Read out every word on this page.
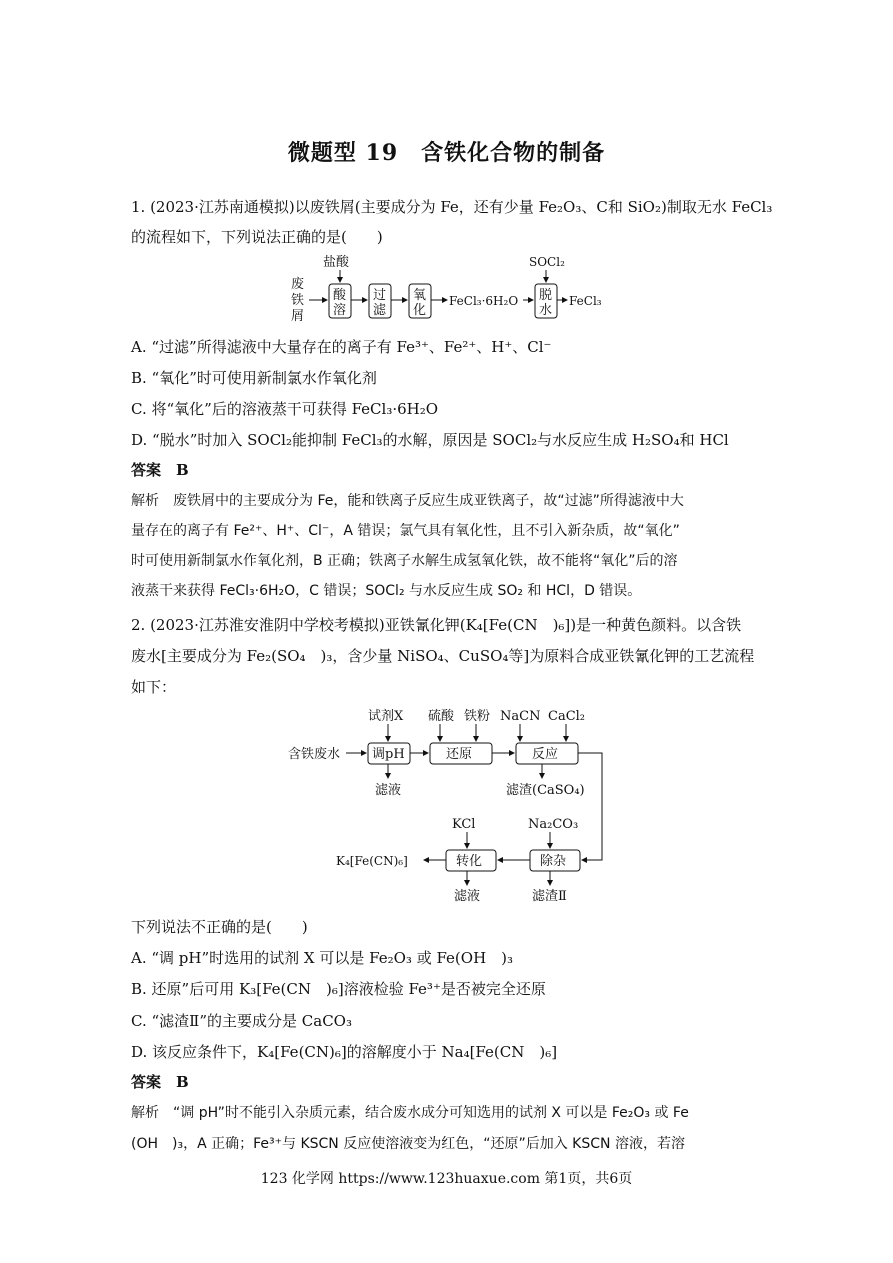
微题型 19　含铁化合物的制备
1. (2023·江苏南通模拟)以废铁屑(主要成分为 Fe，还有少量 Fe₂O₃、C和 SiO₂)制取无水 FeCl₃
的流程如下，下列说法正确的是(　　)
废
铁
屑
盐酸
酸
溶
过
滤
氧
化
FeCl₃·6H₂O
SOCl₂
脱
水
FeCl₃
A. “过滤”所得滤液中大量存在的离子有 Fe³⁺、Fe²⁺、H⁺、Cl⁻
B. “氧化”时可使用新制氯水作氧化剂
C. 将“氧化”后的溶液蒸干可获得 FeCl₃·6H₂O
D. “脱水”时加入 SOCl₂能抑制 FeCl₃的水解，原因是 SOCl₂与水反应生成 H₂SO₄和 HCl
答案　B
解析　废铁屑中的主要成分为 Fe，能和铁离子反应生成亚铁离子，故“过滤”所得滤液中大
量存在的离子有 Fe²⁺、H⁺、Cl⁻，A 错误；氯气具有氧化性，且不引入新杂质，故“氧化”
时可使用新制氯水作氧化剂，B 正确；铁离子水解生成氢氧化铁，故不能将“氧化”后的溶
液蒸干来获得 FeCl₃·6H₂O，C 错误；SOCl₂ 与水反应生成 SO₂ 和 HCl，D 错误。
2. (2023·江苏淮安淮阴中学校考模拟)亚铁氰化钾(K₄[Fe(CN　)₆])是一种黄色颜料。以含铁
废水[主要成分为 Fe₂(SO₄　)₃，含少量 NiSO₄、CuSO₄等]为原料合成亚铁氰化钾的工艺流程
如下：
含铁废水
试剂X
调pH
滤液
硫酸 铁粉
还原
NaCN CaCl₂
反应
滤渣(CaSO₄)
Na₂CO₃
除杂
滤渣Ⅱ
KCl
转化
滤液
K₄[Fe(CN)₆]
下列说法不正确的是(　　)
A. “调 pH”时选用的试剂 X 可以是 Fe₂O₃ 或 Fe(OH　)₃
B. 还原”后可用 K₃[Fe(CN　)₆]溶液检验 Fe³⁺是否被完全还原
C. “滤渣Ⅱ”的主要成分是 CaCO₃
D. 该反应条件下，K₄[Fe(CN)₆]的溶解度小于 Na₄[Fe(CN　)₆]
答案　B
解析　“调 pH”时不能引入杂质元素，结合废水成分可知选用的试剂 X 可以是 Fe₂O₃ 或 Fe
(OH　)₃，A 正确；Fe³⁺与 KSCN 反应使溶液变为红色，“还原”后加入 KSCN 溶液，若溶
123 化学网 https://www.123huaxue.com 第1页，共6页
